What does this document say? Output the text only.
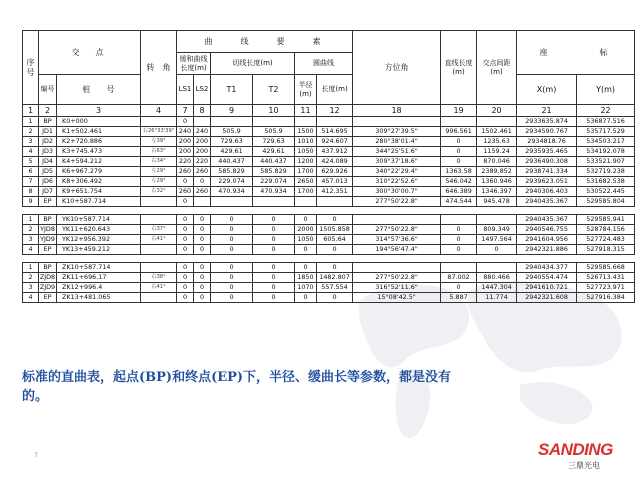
序号	交　点		转　角	曲　　线　　要　　素						方位角	直线长度(m)	交点间距(m)	座　　　　标	
				缓和曲线长度(m)		切线长度(m)		圆曲线						
	编号	桩　　号		LS1	LS2	T1	T2	半径(m)	长度(m)				X(m)	Y(m)
1	2	3	4	7	8	9	10	11	12	18	19	20	21	22
1	BP	K0+000		0									2933635.874	536877.516
2	JD1	K1+502.461	右26°33'39"	240	240	505.9	505.9	1500	514.695	309°27'39.5"	996.561	1502.461	2934590.767	535717.529
3	JD2	K2+720.886	左39°	200	200	729.63	729.63	1010	924.607	280°38'01.4"	0	1235.63	2934818.76	534503.217
4	JD3	K3+745.473	右63°	200	200	429.61	429.61	1050	437.912	344°25'51.6"	0	1159.24	2935935.465	534192.078
5	JD4	K4+594.212	右34°	220	220	440.437	440.437	1200	424.089	309°37'18.6"	0	870.046	2936490.308	533521.907
6	JD5	K6+967.279	左29°	260	260	585.829	585.829	1700	629.926	340°22'29.4"	1363.58	2389.852	2938741.334	532719.238
7	JD6	K8+306.492	左29°	0	0	229.074	229.074	2650	457.013	310°22'52.6"	546.042	1360.946	2939623.051	531682.538
8	JD7	K9+651.754	右32°	260	260	470.934	470.934	1700	412.351	300°30'00.7"	646.389	1346.397	2940306.403	530522.445
9	EP	K10+587.714		0						277°50'22.8"	474.544	945.478	2940435.367	529585.804

1	BP	YK10+587.714		0	0	0	0	0	0				2940435.367	529585.941
2	YJD8	YK11+620.643	右37°	0	0	0	0	2000	1505.858	277°50'22.8"	0	809.349	2940546.755	528784.156
3	YJD9	YK12+956.392	右41°	0	0	0	0	1050	605.64	314°57'36.6"	0	1497.564	2941604.956	527724.483
4	EP	YK13+459.212		0	0	0	0	0	0	194°56'47.4"	0	0	2942321.886	527918.315

1	BP	ZK10+587.714		0	0	0	0	0	0				2940434.377	529585.668
2	ZJD8	ZK11+696.17	右38°	0	0	0	0	1850	1482.807	277°50'22.8"	87.002	880.466	2940554.474	526713.431
3	ZJD9	ZK12+996.4	右41°	0	0	0	0	1070	557.554	316°52'11.6"	0	1447.304	2941610.721	527723.971
4	EP	ZK13+481.065		0	0	0	0	0	0	15°08'42.5"	5.887	11.774	2942321.608	527916.384
标准的直曲表，起点(BP)和终点(EP)下，半径、缓曲长等参数，都是没有的。
SANDING
三鼎光电
7
